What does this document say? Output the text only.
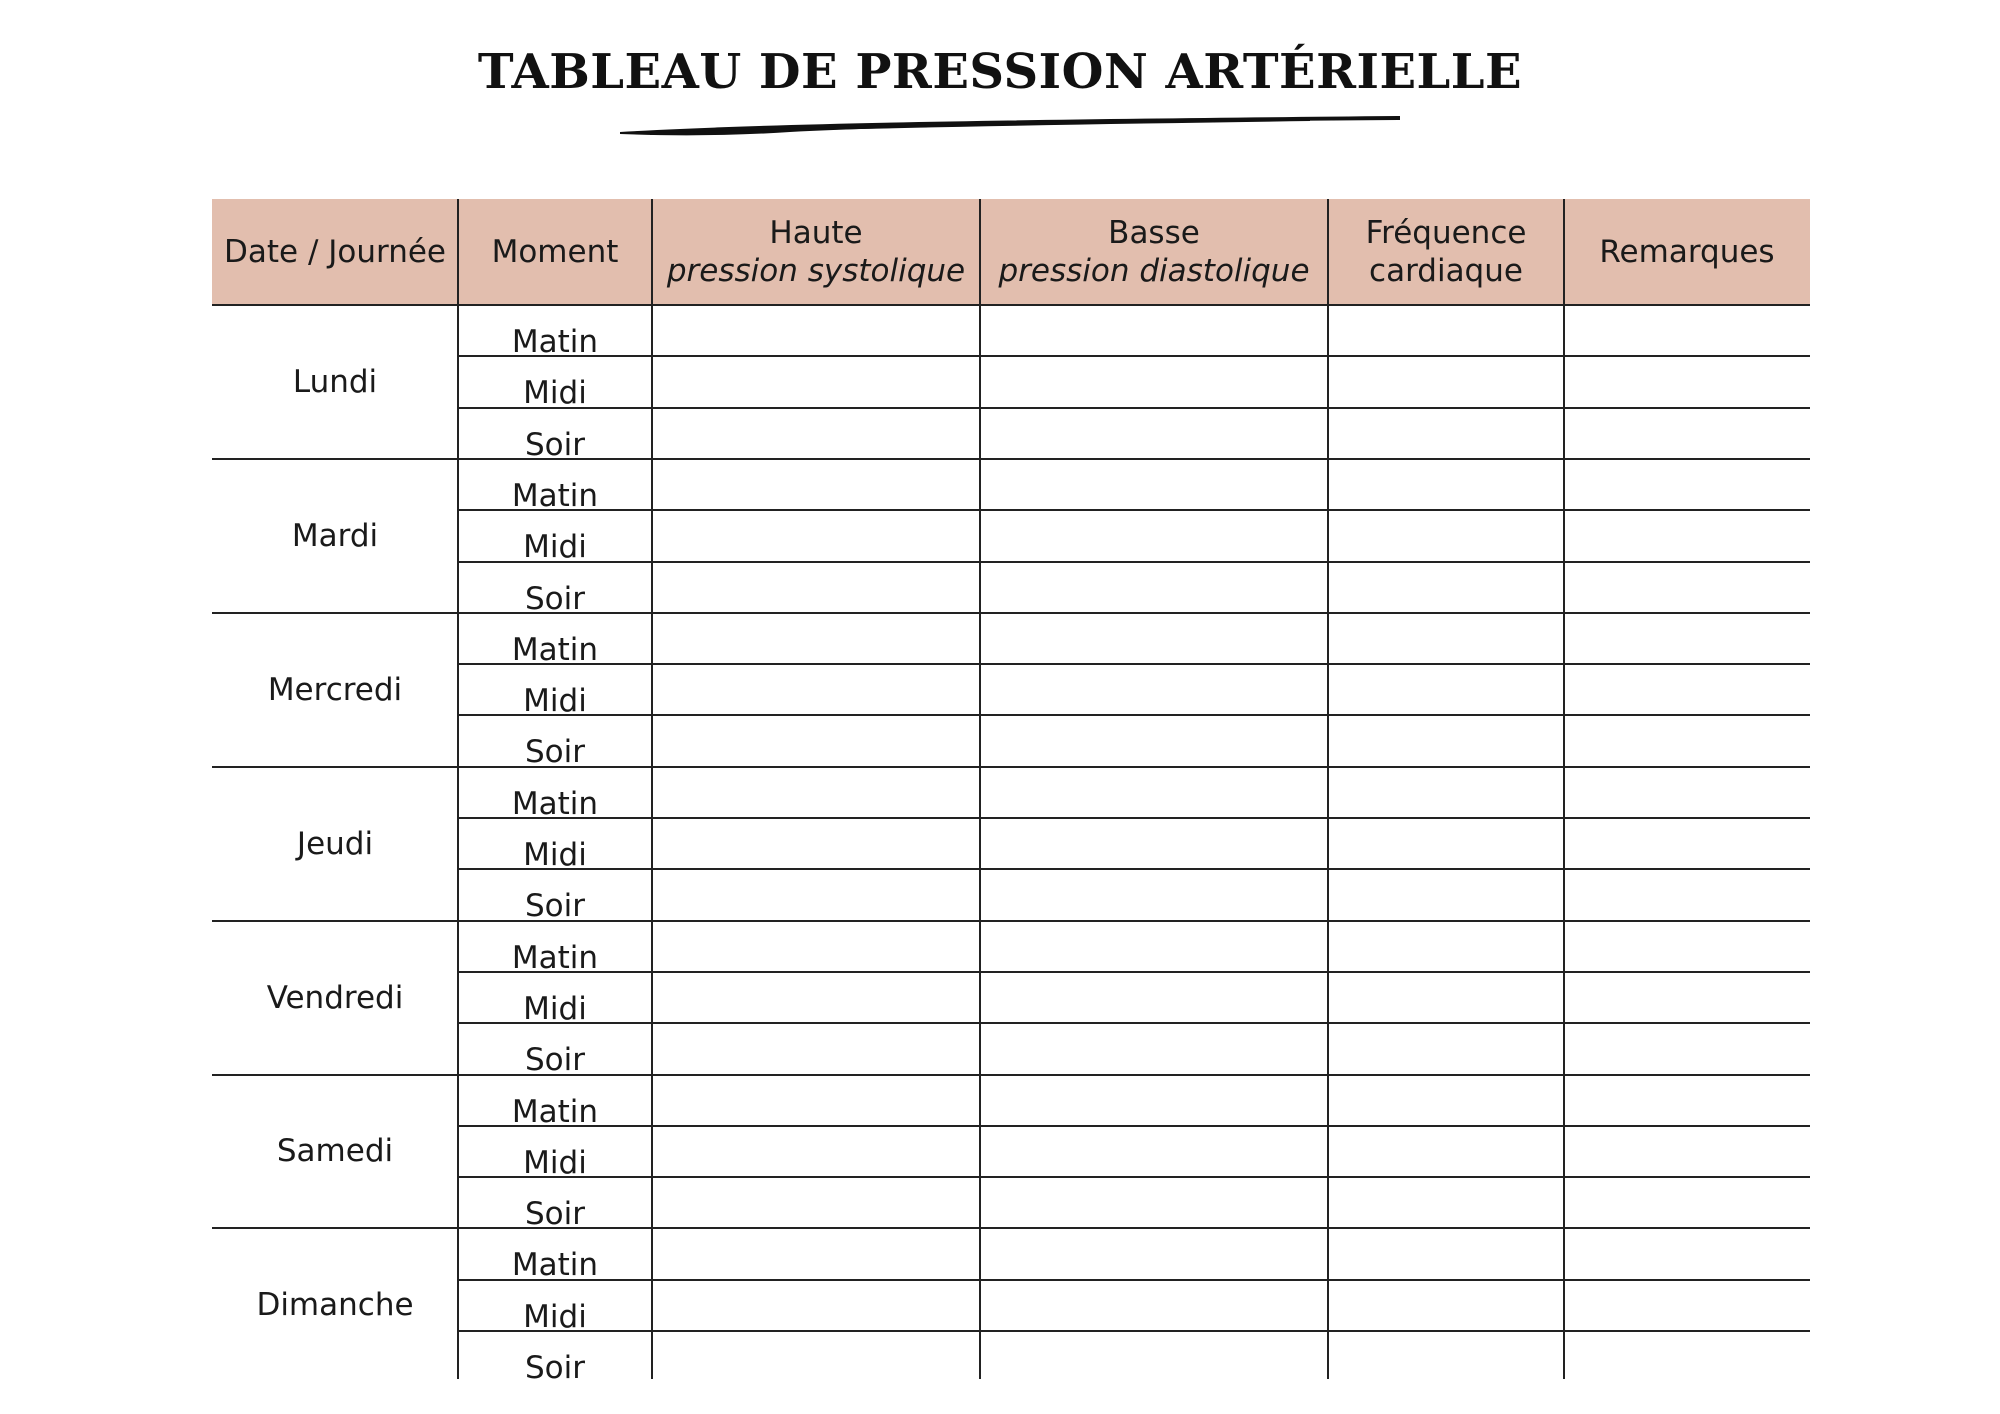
TABLEAU DE PRESSION ARTÉRIELLE
Date / Journée Moment
Haute
pression systolique
Basse
pression diastolique
Fréquence
cardiaque
Remarques
Lundi
Matin
Midi
Soir
Mardi
Matin
Midi
Soir
Mercredi
Matin
Midi
Soir
Jeudi
Matin
Midi
Soir
Vendredi
Matin
Midi
Soir
Samedi
Matin
Midi
Soir
Dimanche
Matin
Midi
Soir
